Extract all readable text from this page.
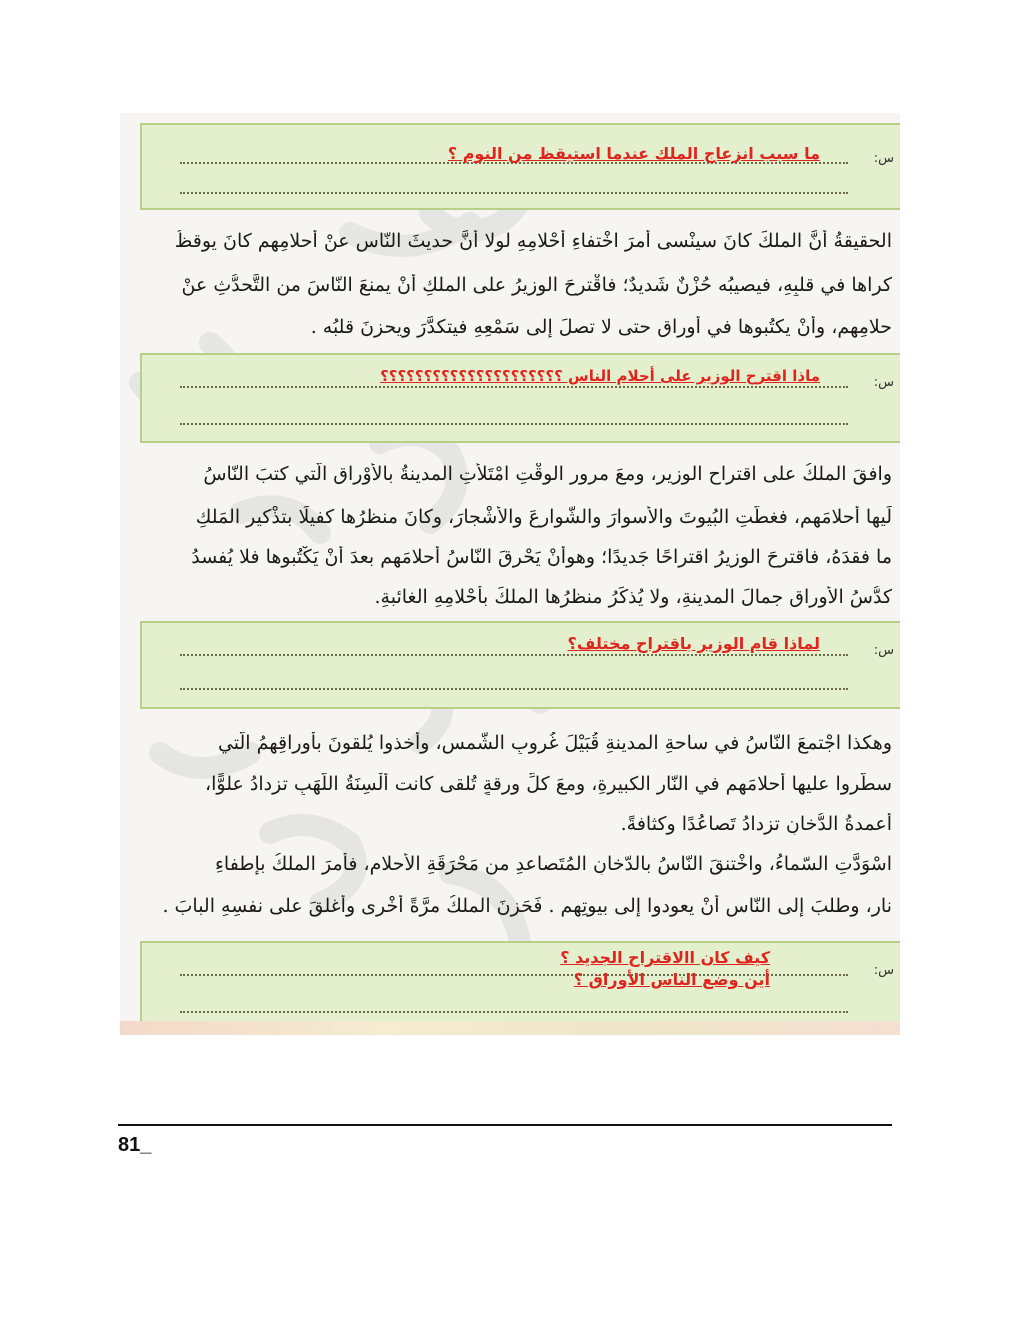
س:
ما سبب انزعاج الملك عندما استيقظ من النوم ؟
الحقيقةُ أنَّ الملكَ كانَ سينْسى أمرَ اخْتفاءِ أحْلامِهِ لولا أنَّ حديثَ النّاسِ عنْ أحلامِهِم كانَ يوقظُ
كراها في قلبِهِ، فيصيبُه حُزْنٌ شَديدٌ؛ فاقْترحَ الوزيرُ على الملكِ أنْ يمنعَ النّاسَ من التَّحدُّثِ عنْ
حلامِهم، وأنْ يكتُبوها في أوراقٍ حتى لا تصلَ إلى سَمْعِهِ فيتكدَّرَ ويحزنَ قلبُه .
س:
ماذا اقترح الوزير على أحلام الناس ؟؟؟؟؟؟؟؟؟؟؟؟؟؟؟؟؟؟؟؟؟
وافقَ الملكُ على اقتراحِ الوزيرِ، ومعَ مرورِ الوقْتِ امْتَلأَتِ المدينةُ بالأَوْراقِ الَّتي كتبَ النّاسُ
لَيها أحلامَهم، فغطَّتِ البُيوتَ والأَسوارَ والشَّوارعَ والأَشْجارَ، وكانَ منظرُها كفيلًا بتذْكيرِ المَلكِ
ما فقدَهُ، فاقترحَ الوزيرُ اقتراحًا جَديدًا؛ وهوأنْ يَحْرِقَ النّاسُ أحلامَهم بعدَ أنْ يَكْتُبوها فلا يُفسدُ
كدُّسُ الأوراقِ جمالَ المدينةِ، ولا يُذكِّرُ منظرُها الملكَ بأحْلامِهِ الغائبةِ.
س:
لماذا قام الوزير باقتراح مختلف؟
وهكذا اجْتمعَ النّاسُ في ساحةِ المدينةِ قُبَيْلَ غُروبِ الشَّمسِ، وأخذوا يُلقونَ بأوراقِهِمُ الَّتي
سطَّروا عليها أحلامَهم في النّارِ الكبيرةِ، ومعَ كلِّ ورقةٍ تُلقى كانت ألْسِنَةُ اللَّهَبِ تزدادُ علوًّا،
أعمدةُ الدُّخانِ تزدادُ تَصاعُدًا وكثافةً.
اسْوَدَّتِ السّماءُ، واخْتنقَ النّاسُ بالدّخانِ المُتَصاعدِ من مَحْرَقَةِ الأحلامِ، فأمرَ الملكُ بإطفاءِ
نارِ، وطلبَ إلى النّاسِ أنْ يعودوا إلى بيوتِهم . فَحَزِنَ الملكُ مرَّةً أُخْرى وأغلقَ على نفسِهِ البابَ .
س:
كيف كان االاقتراح الجديد ؟
أين وضع الناس الأوراق ؟
81_
